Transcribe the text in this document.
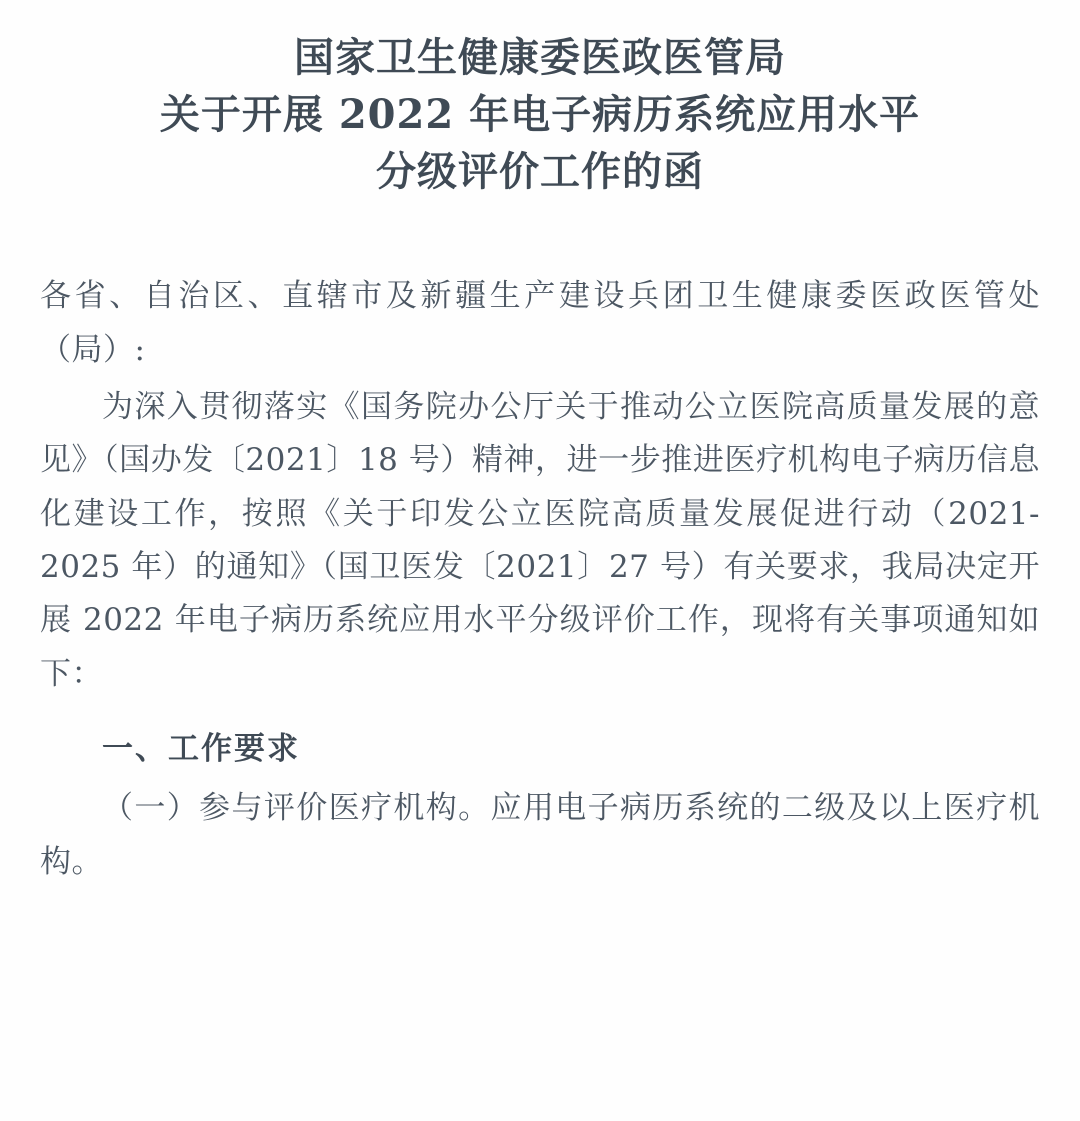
国家卫生健康委医政医管局
关于开展 2022 年电子病历系统应用水平
分级评价工作的函

各省、自治区、直辖市及新疆生产建设兵团卫生健康委医政医管处（局）:

为深入贯彻落实《国务院办公厅关于推动公立医院高质量发展的意见》（国办发〔2021〕18 号）精神，进一步推进医疗机构电子病历信息化建设工作，按照《关于印发公立医院高质量发展促进行动（2021-2025 年）的通知》（国卫医发〔2021〕27 号）有关要求，我局决定开展 2022 年电子病历系统应用水平分级评价工作，现将有关事项通知如下：

一、工作要求

（一）参与评价医疗机构。应用电子病历系统的二级及以上医疗机构。
